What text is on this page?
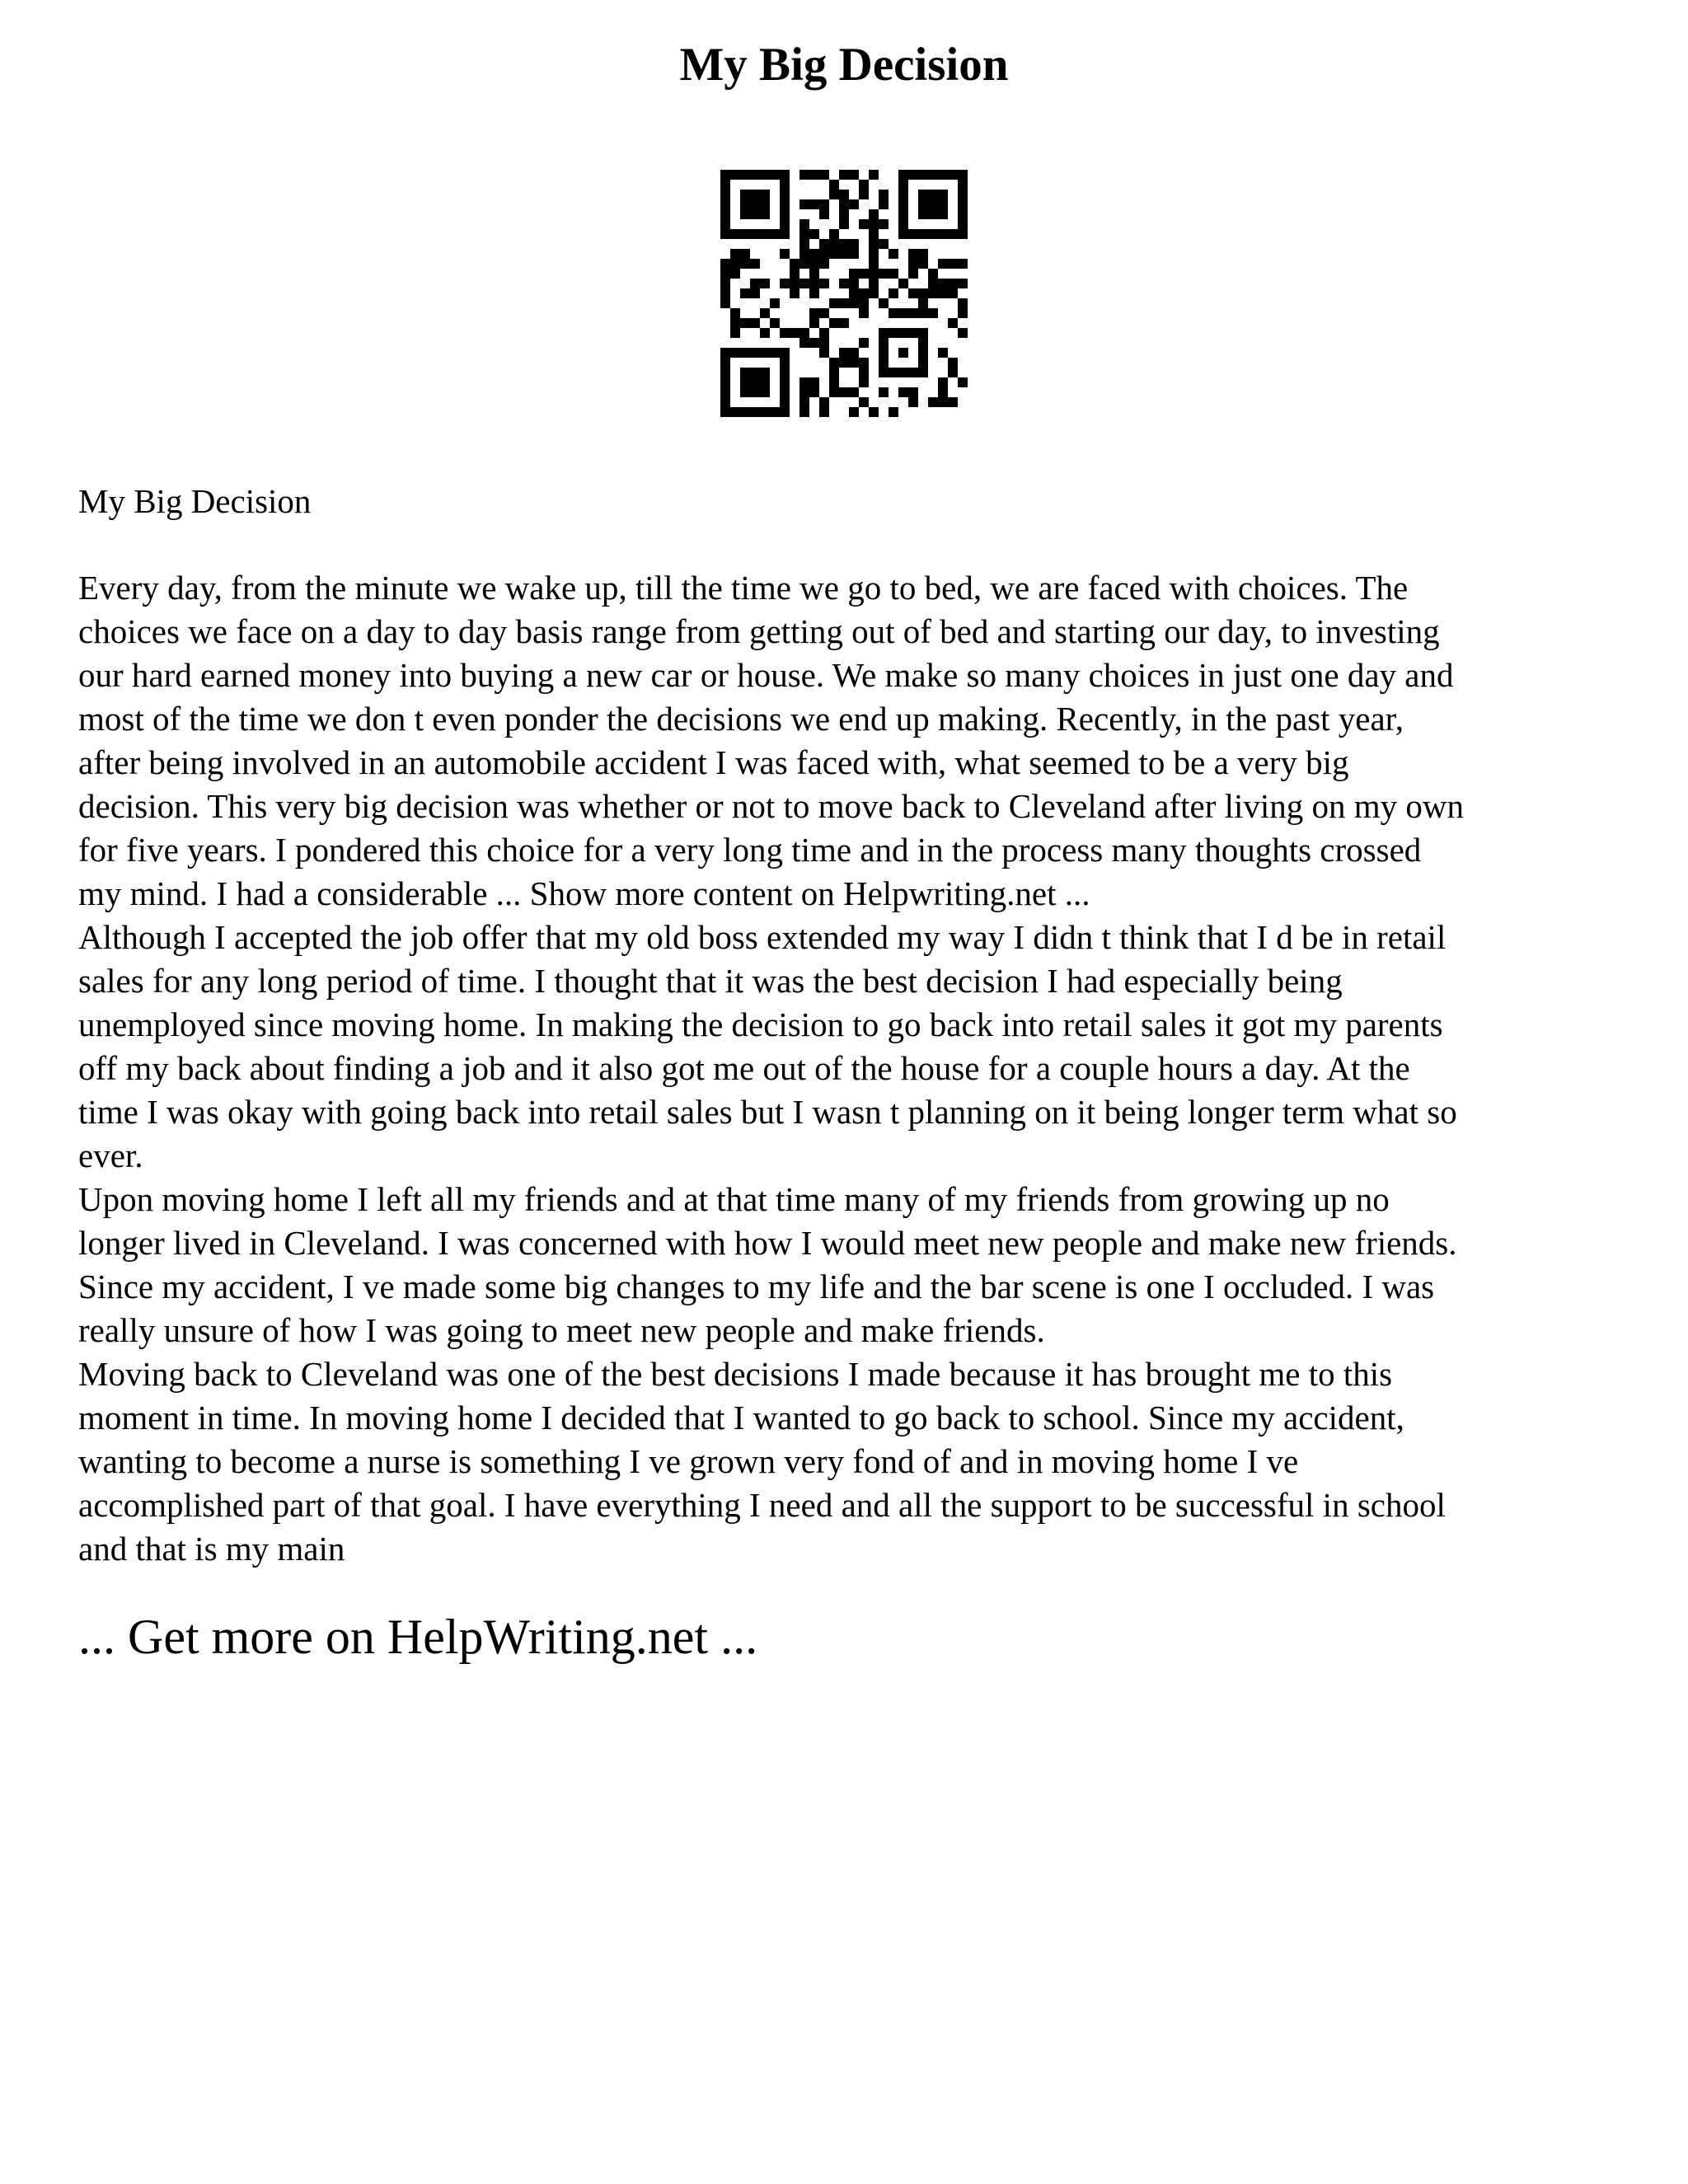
My Big Decision

My Big Decision

Every day, from the minute we wake up, till the time we go to bed, we are faced with choices. The
choices we face on a day to day basis range from getting out of bed and starting our day, to investing
our hard earned money into buying a new car or house. We make so many choices in just one day and
most of the time we don t even ponder the decisions we end up making. Recently, in the past year,
after being involved in an automobile accident I was faced with, what seemed to be a very big
decision. This very big decision was whether or not to move back to Cleveland after living on my own
for five years. I pondered this choice for a very long time and in the process many thoughts crossed
my mind. I had a considerable ... Show more content on Helpwriting.net ...

Although I accepted the job offer that my old boss extended my way I didn t think that I d be in retail
sales for any long period of time. I thought that it was the best decision I had especially being
unemployed since moving home. In making the decision to go back into retail sales it got my parents
off my back about finding a job and it also got me out of the house for a couple hours a day. At the
time I was okay with going back into retail sales but I wasn t planning on it being longer term what so
ever.

Upon moving home I left all my friends and at that time many of my friends from growing up no
longer lived in Cleveland. I was concerned with how I would meet new people and make new friends.
Since my accident, I ve made some big changes to my life and the bar scene is one I occluded. I was
really unsure of how I was going to meet new people and make friends.

Moving back to Cleveland was one of the best decisions I made because it has brought me to this
moment in time. In moving home I decided that I wanted to go back to school. Since my accident,
wanting to become a nurse is something I ve grown very fond of and in moving home I ve
accomplished part of that goal. I have everything I need and all the support to be successful in school
and that is my main

... Get more on HelpWriting.net ...
